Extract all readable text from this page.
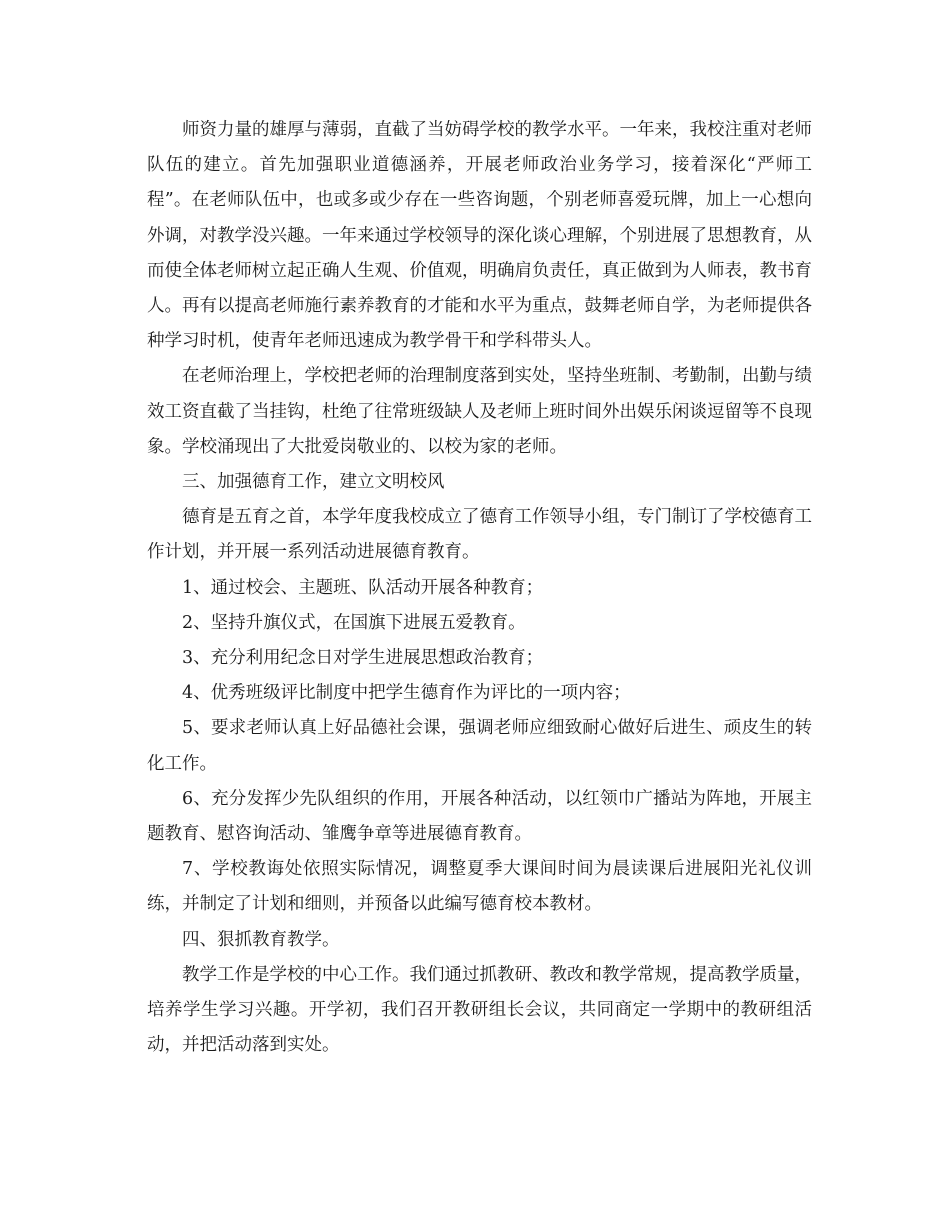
师资力量的雄厚与薄弱，直截了当妨碍学校的教学水平。一年来，我校注重对老师队伍的建立。首先加强职业道德涵养，开展老师政治业务学习，接着深化“严师工程”。在老师队伍中，也或多或少存在一些咨询题，个别老师喜爱玩牌，加上一心想向外调，对教学没兴趣。一年来通过学校领导的深化谈心理解，个别进展了思想教育，从而使全体老师树立起正确人生观、价值观，明确肩负责任，真正做到为人师表，教书育人。再有以提高老师施行素养教育的才能和水平为重点，鼓舞老师自学，为老师提供各种学习时机，使青年老师迅速成为教学骨干和学科带头人。

在老师治理上，学校把老师的治理制度落到实处，坚持坐班制、考勤制，出勤与绩效工资直截了当挂钩，杜绝了往常班级缺人及老师上班时间外出娱乐闲谈逗留等不良现象。学校涌现出了大批爱岗敬业的、以校为家的老师。

三、加强德育工作，建立文明校风

德育是五育之首，本学年度我校成立了德育工作领导小组，专门制订了学校德育工作计划，并开展一系列活动进展德育教育。

1、通过校会、主题班、队活动开展各种教育；

2、坚持升旗仪式，在国旗下进展五爱教育。

3、充分利用纪念日对学生进展思想政治教育；

4、优秀班级评比制度中把学生德育作为评比的一项内容；

5、要求老师认真上好品德社会课，强调老师应细致耐心做好后进生、顽皮生的转化工作。

6、充分发挥少先队组织的作用，开展各种活动，以红领巾广播站为阵地，开展主题教育、慰咨询活动、雏鹰争章等进展德育教育。

7、学校教诲处依照实际情况，调整夏季大课间时间为晨读课后进展阳光礼仪训练，并制定了计划和细则，并预备以此编写德育校本教材。

四、狠抓教育教学。

教学工作是学校的中心工作。我们通过抓教研、教改和教学常规，提高教学质量，培养学生学习兴趣。开学初，我们召开教研组长会议，共同商定一学期中的教研组活动，并把活动落到实处。
